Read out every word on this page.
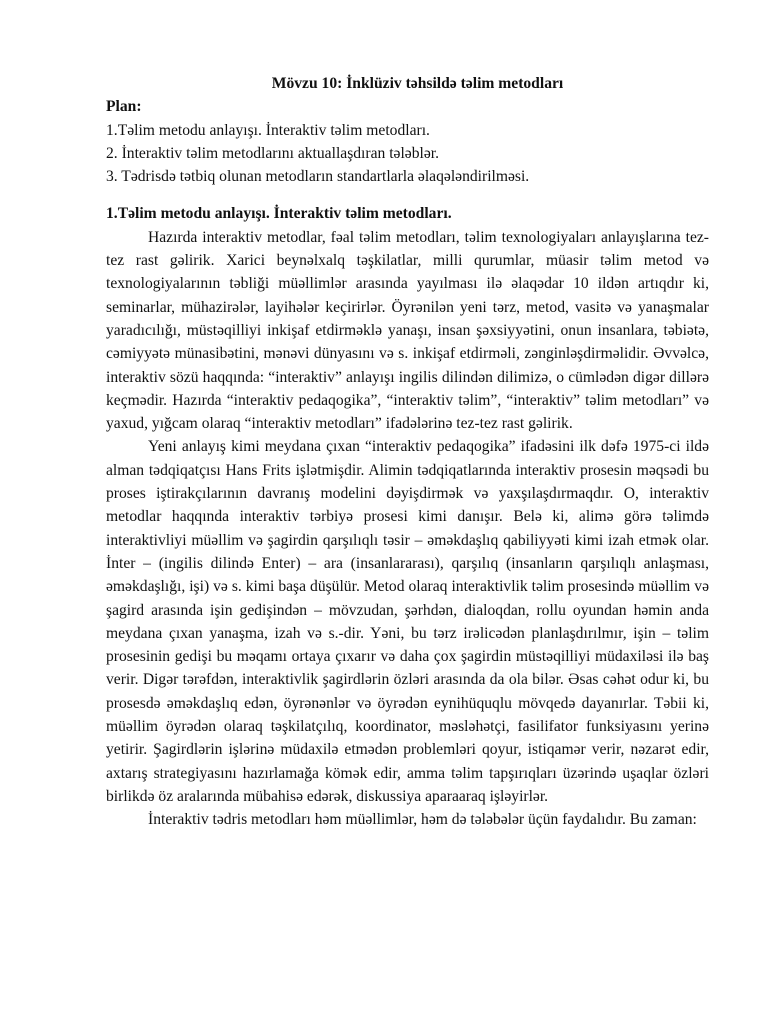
Mövzu 10: İnklüziv təhsildə təlim metodları

Plan:

1.Təlim metodu anlayışı. İnteraktiv təlim metodları.
2. İnteraktiv təlim metodlarını aktuallaşdıran tələblər.
3. Tədrisdə tətbiq olunan metodların standartlarla əlaqələndirilməsi.

1.Təlim metodu anlayışı. İnteraktiv təlim metodları.

Hazırda interaktiv metodlar, fəal təlim metodları, təlim texnologiyaları anlayışlarına tez-tez rast gəlirik. Xarici beynəlxalq təşkilatlar, milli qurumlar, müasir təlim metod və texnologiyalarının təbliği müəllimlər arasında yayılması ilə əlaqədar 10 ildən artıqdır ki, seminarlar, mühazirələr, layihələr keçirirlər. Öyrənilən yeni tərz, metod, vasitə və yanaşmalar yaradıcılığı, müstəqilliyi inkişaf etdirməklə yanaşı, insan şəxsiyyətini, onun insanlara, təbiətə, cəmiyyətə münasibətini, mənəvi dünyasını və s. inkişaf etdirməli, zənginləşdirməlidir. Əvvəlcə, interaktiv sözü haqqında: “interaktiv” anlayışı ingilis dilindən dilimizə, o cümlədən digər dillərə keçmədir. Hazırda “interaktiv pedaqogika”, “interaktiv təlim”, “interaktiv” təlim metodları” və yaxud, yığcam olaraq “interaktiv metodları” ifadələrinə tez-tez rast gəlirik.

Yeni anlayış kimi meydana çıxan “interaktiv pedaqogika” ifadəsini ilk dəfə 1975-ci ildə alman tədqiqatçısı Hans Frits işlətmişdir. Alimin tədqiqatlarında interaktiv prosesin məqsədi bu proses iştirakçılarının davranış modelini dəyişdirmək və yaxşılaşdırmaqdır. O, interaktiv metodlar haqqında interaktiv tərbiyə prosesi kimi danışır. Belə ki, alimə görə təlimdə interaktivliyi müəllim və şagirdin qarşılıqlı təsir – əməkdaşlıq qabiliyyəti kimi izah etmək olar. İnter – (ingilis dilində Enter) – ara (insanlararası), qarşılıq (insanların qarşılıqlı anlaşması, əməkdaşlığı, işi) və s. kimi başa düşülür. Metod olaraq interaktivlik təlim prosesində müəllim və şagird arasında işin gedişindən – mövzudan, şərhdən, dialoqdan, rollu oyundan həmin anda meydana çıxan yanaşma, izah və s.-dir. Yəni, bu tərz irəlicədən planlaşdırılmır, işin – təlim prosesinin gedişi bu məqamı ortaya çıxarır və daha çox şagirdin müstəqilliyi müdaxiləsi ilə baş verir. Digər tərəfdən, interaktivlik şagirdlərin özləri arasında da ola bilər. Əsas cəhət odur ki, bu prosesdə əməkdaşlıq edən, öyrənənlər və öyrədən eynihüquqlu mövqedə dayanırlar. Təbii ki, müəllim öyrədən olaraq təşkilatçılıq, koordinator, məsləhətçi, fasilifator funksiyasını yerinə yetirir. Şagirdlərin işlərinə müdaxilə etmədən problemləri qoyur, istiqamər verir, nəzarət edir, axtarış strategiyasını hazırlamağa kömək edir, amma təlim tapşırıqları üzərində uşaqlar özləri birlikdə öz aralarında mübahisə edərək, diskussiya aparaaraq işləyirlər.

İnteraktiv tədris metodları həm müəllimlər, həm də tələbələr üçün faydalıdır. Bu zaman:
